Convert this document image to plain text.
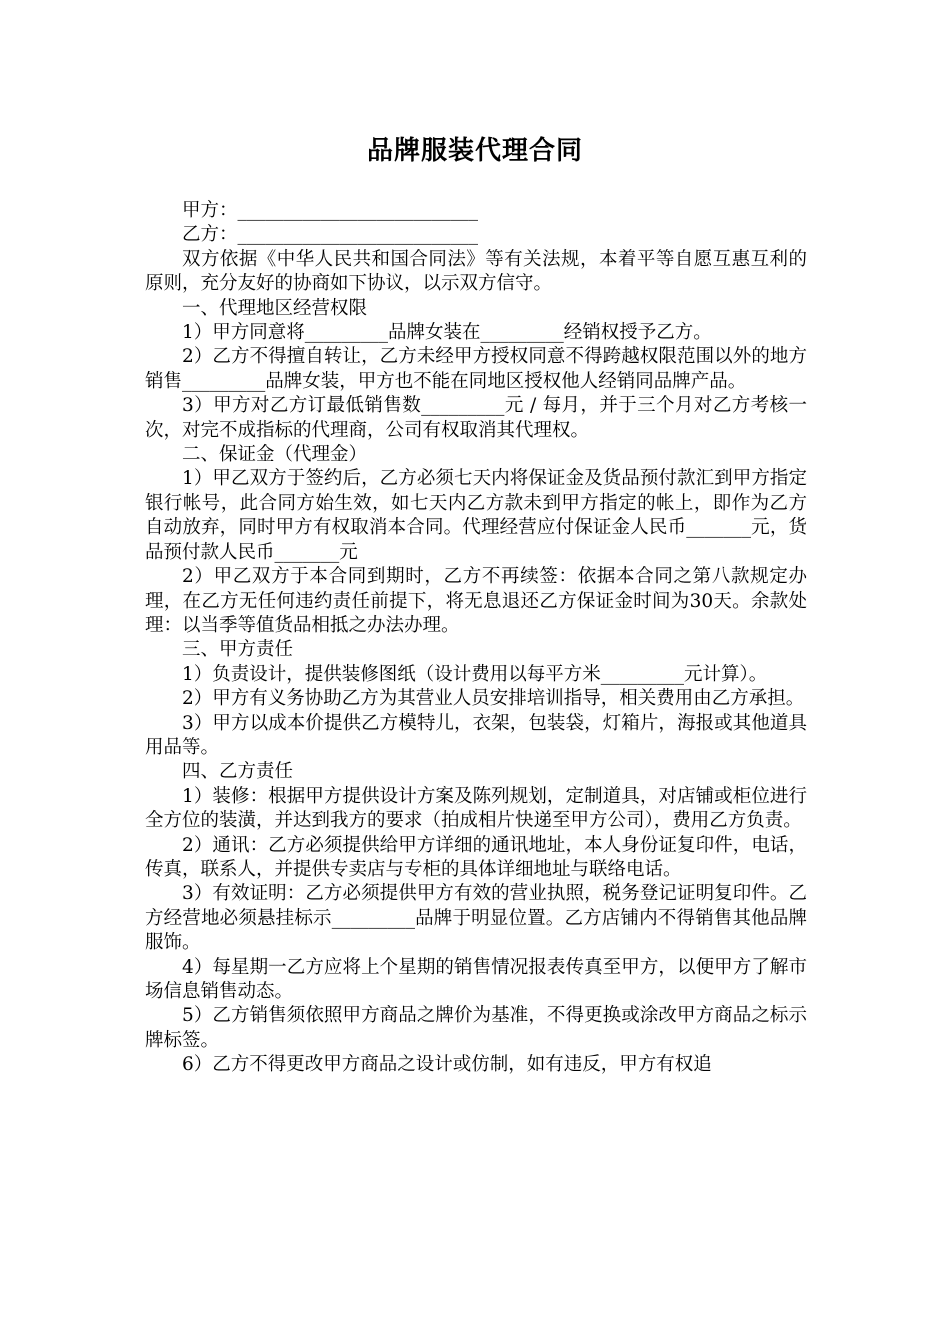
品牌服装代理合同

甲方：__________________________

乙方：__________________________

双方依据《中华人民共和国合同法》等有关法规，本着平等自愿互惠互利的原则，充分友好的协商如下协议，以示双方信守。

一、代理地区经营权限

1）甲方同意将_________品牌女装在_________经销权授予乙方。

2）乙方不得擅自转让，乙方未经甲方授权同意不得跨越权限范围以外的地方销售_________品牌女装，甲方也不能在同地区授权他人经销同品牌产品。

3）甲方对乙方订最低销售数_________元 / 每月，并于三个月对乙方考核一次，对完不成指标的代理商，公司有权取消其代理权。

二、保证金（代理金）

1）甲乙双方于签约后，乙方必须七天内将保证金及货品预付款汇到甲方指定银行帐号，此合同方始生效，如七天内乙方款未到甲方指定的帐上，即作为乙方自动放弃，同时甲方有权取消本合同。代理经营应付保证金人民币_______元，货品预付款人民币_______元

2）甲乙双方于本合同到期时，乙方不再续签：依据本合同之第八款规定办理，在乙方无任何违约责任前提下，将无息退还乙方保证金时间为30天。余款处理：以当季等值货品相抵之办法办理。

三、甲方责任

1）负责设计，提供装修图纸（设计费用以每平方米_________元计算）。

2）甲方有义务协助乙方为其营业人员安排培训指导，相关费用由乙方承担。

3）甲方以成本价提供乙方模特儿，衣架，包装袋，灯箱片，海报或其他道具用品等。

四、乙方责任

1）装修：根据甲方提供设计方案及陈列规划，定制道具，对店铺或柜位进行全方位的装潢，并达到我方的要求（拍成相片快递至甲方公司），费用乙方负责。

2）通讯：乙方必须提供给甲方详细的通讯地址，本人身份证复印件，电话，传真，联系人，并提供专卖店与专柜的具体详细地址与联络电话。

3）有效证明：乙方必须提供甲方有效的营业执照，税务登记证明复印件。乙方经营地必须悬挂标示_________品牌于明显位置。乙方店铺内不得销售其他品牌服饰。

4）每星期一乙方应将上个星期的销售情况报表传真至甲方，以便甲方了解市场信息销售动态。

5）乙方销售须依照甲方商品之牌价为基准，不得更换或涂改甲方商品之标示牌标签。

6）乙方不得更改甲方商品之设计或仿制，如有违反，甲方有权追
